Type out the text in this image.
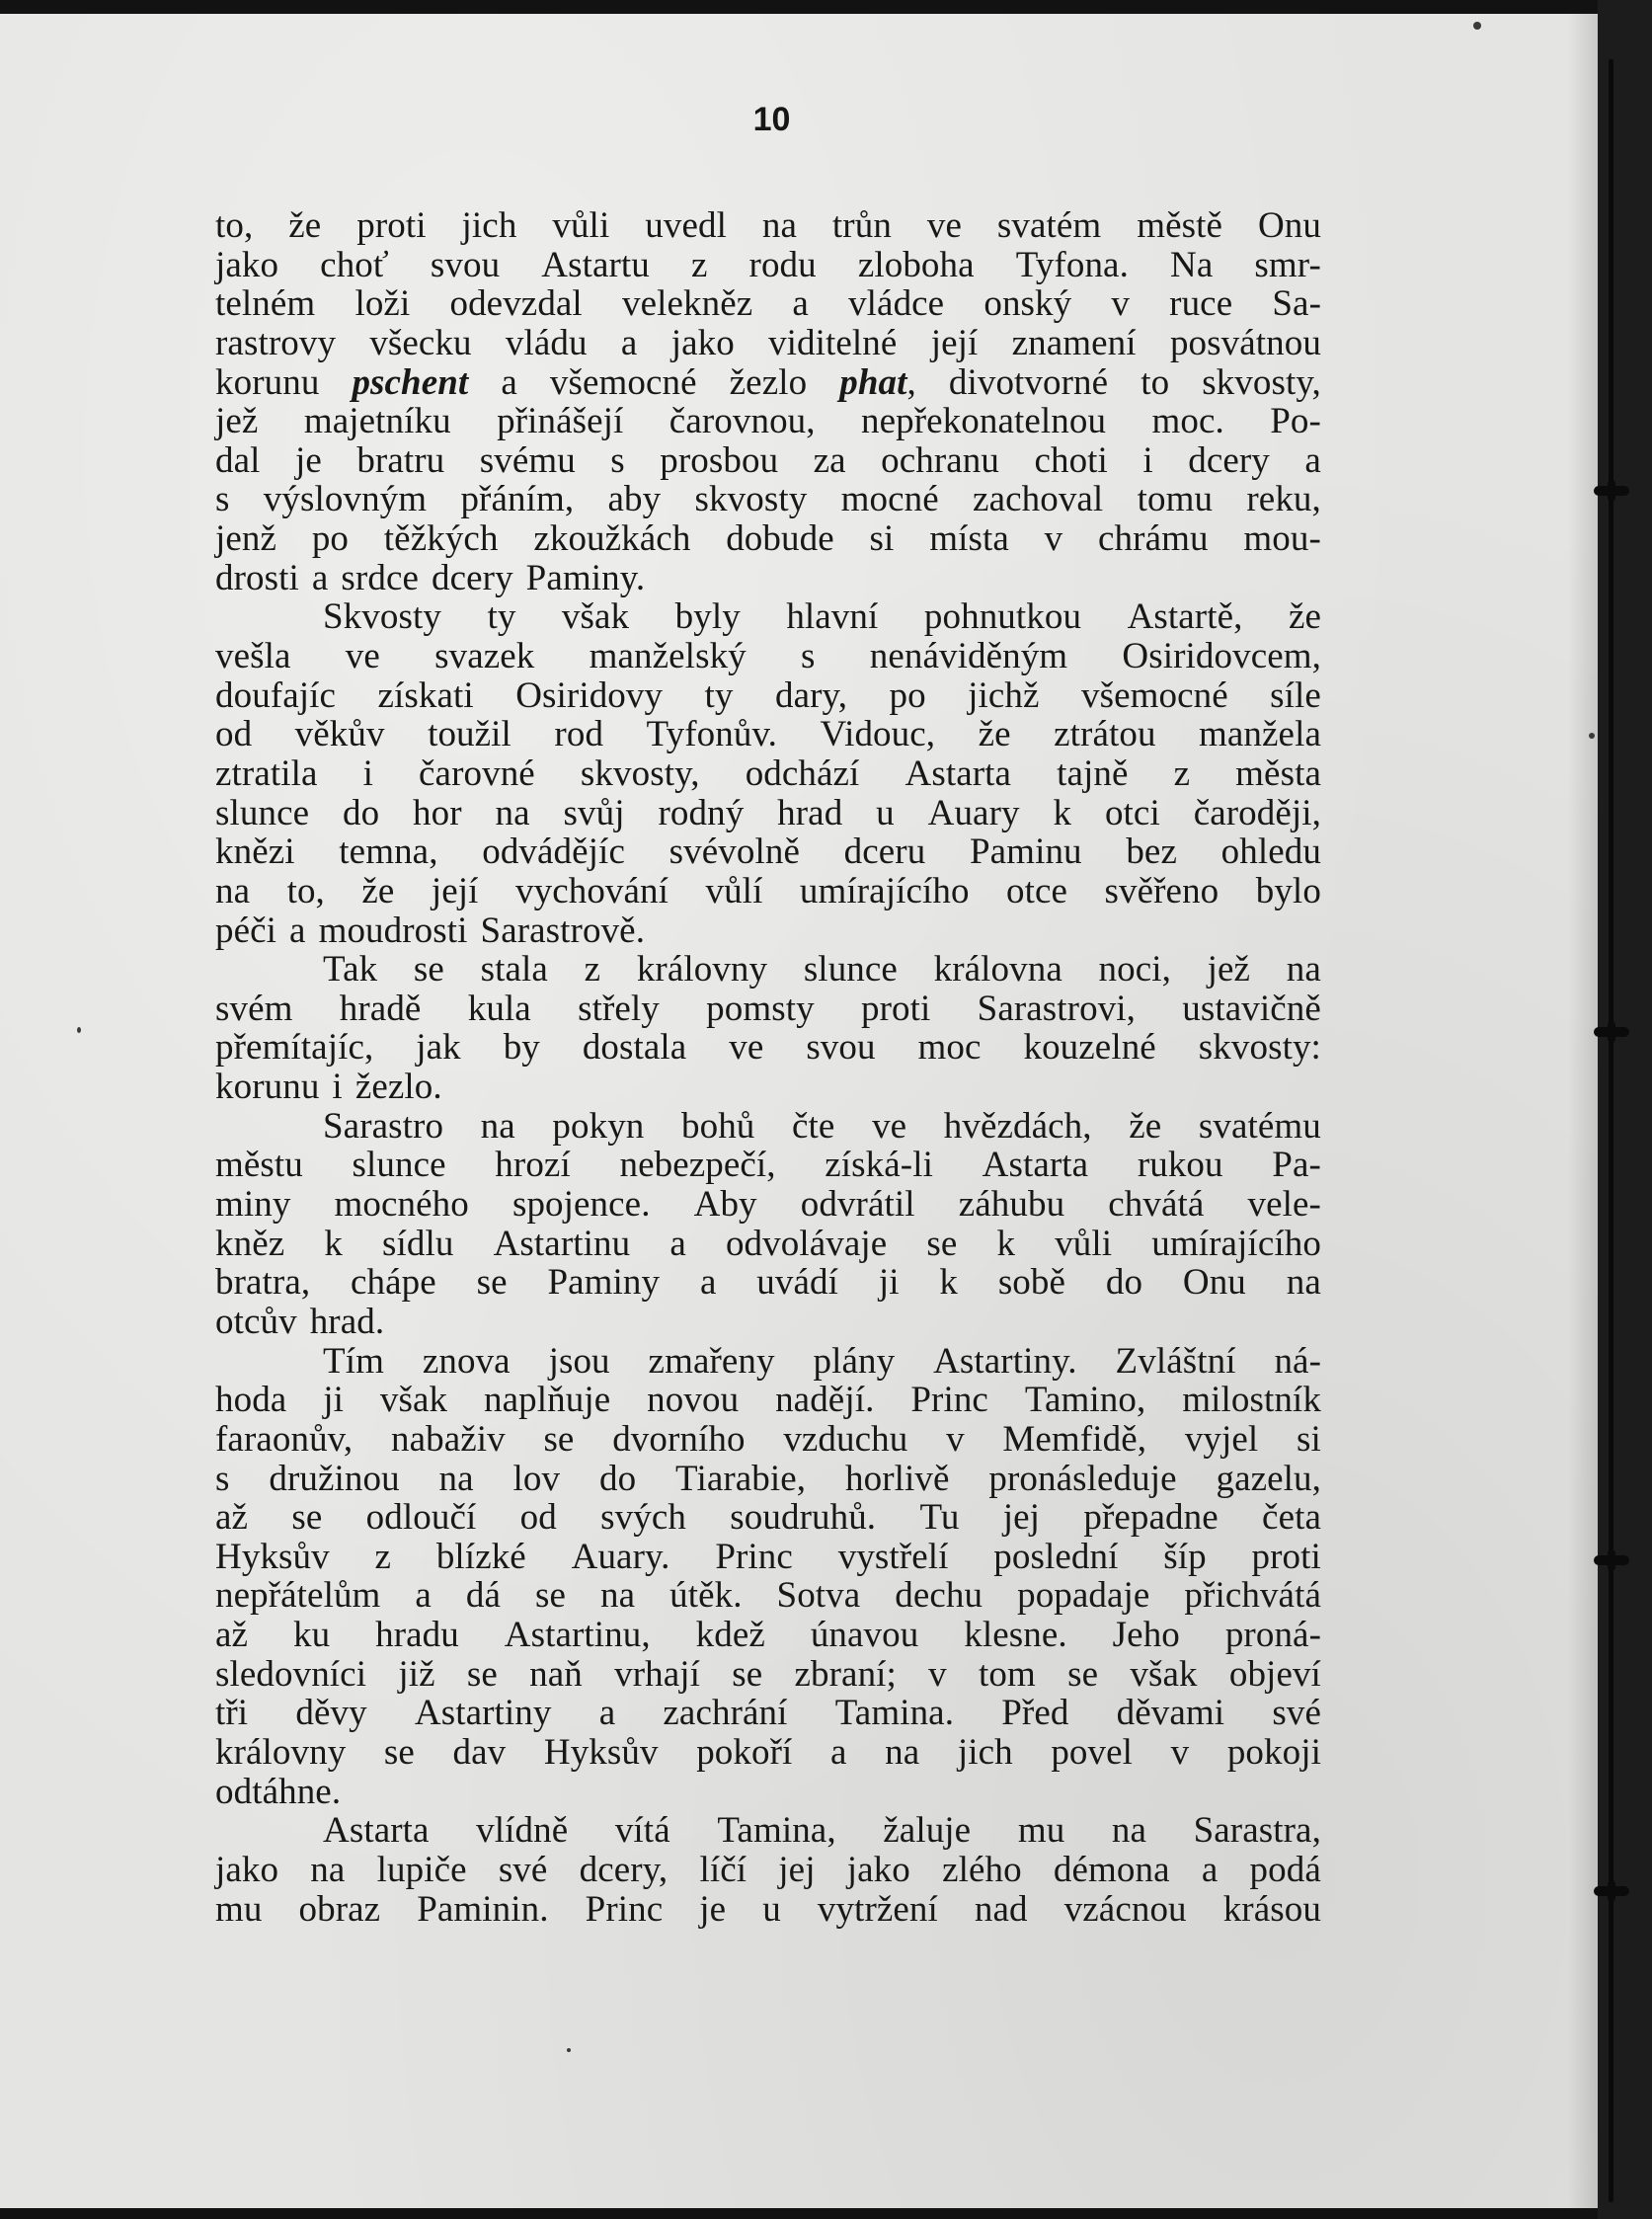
10
to, že proti jich vůli uvedl na trůn ve svatém městě Onu
jako choť svou Astartu z rodu zloboha Tyfona. Na smr-
telném loži odevzdal velekněz a vládce onský v ruce Sa-
rastrovy všecku vládu a jako viditelné její znamení posvátnou
korunu pschent a všemocné žezlo phat, divotvorné to skvosty,
jež majetníku přinášejí čarovnou, nepřekonatelnou moc. Po-
dal je bratru svému s prosbou za ochranu choti i dcery a
s výslovným přáním, aby skvosty mocné zachoval tomu reku,
jenž po těžkých zkoužkách dobude si místa v chrámu mou-
drosti a srdce dcery Paminy.
Skvosty ty však byly hlavní pohnutkou Astartě, že
vešla ve svazek manželský s nenáviděným Osiridovcem,
doufajíc získati Osiridovy ty dary, po jichž všemocné síle
od věkův toužil rod Tyfonův. Vidouc, že ztrátou manžela
ztratila i čarovné skvosty, odchází Astarta tajně z města
slunce do hor na svůj rodný hrad u Auary k otci čaroději,
knězi temna, odváděјíc svévolně dceru Paminu bez ohledu
na to, že její vychování vůlí umírajícího otce svěřeno bylo
péči a moudrosti Sarastrově.
Tak se stala z královny slunce královna noci, jež na
svém hradě kula střely pomsty proti Sarastrovi, ustavičně
přemítajíc, jak by dostala ve svou moc kouzelné skvosty:
korunu i žezlo.
Sarastro na pokyn bohů čte ve hvězdách, že svatému
městu slunce hrozí nebezpečí, získá-li Astarta rukou Pa-
miny mocného spojence. Aby odvrátil záhubu chvátá vele-
kněz k sídlu Astartinu a odvolávaje se k vůli umírajícího
bratra, chápe se Paminy a uvádí ji k sobě do Onu na
otcův hrad.
Tím znova jsou zmařeny plány Astartiny. Zvláštní ná-
hoda ji však naplňuje novou nadějí. Princ Tamino, milostník
faraonův, nabaživ se dvorního vzduchu v Memfidě, vyjel si
s družinou na lov do Tiarabie, horlivě pronásleduje gazelu,
až se odloučí od svých soudruhů. Tu jej přepadne četa
Hyksův z blízké Auary. Princ vystřelí poslední šíp proti
nepřátelům a dá se na útěk. Sotva dechu popadaje přichvátá
až ku hradu Astartinu, kdež únavou klesne. Jeho proná-
sledovníci již se naň vrhají se zbraní; v tom se však objeví
tři děvy Astartiny a zachrání Tamina. Před děvami své
královny se dav Hyksův pokoří a na jich povel v pokoji
odtáhne.
Astarta vlídně vítá Tamina, žaluje mu na Sarastra,
jako na lupiče své dcery, líčí jej jako zlého démona a podá
mu obraz Paminin. Princ je u vytržení nad vzácnou krásou
